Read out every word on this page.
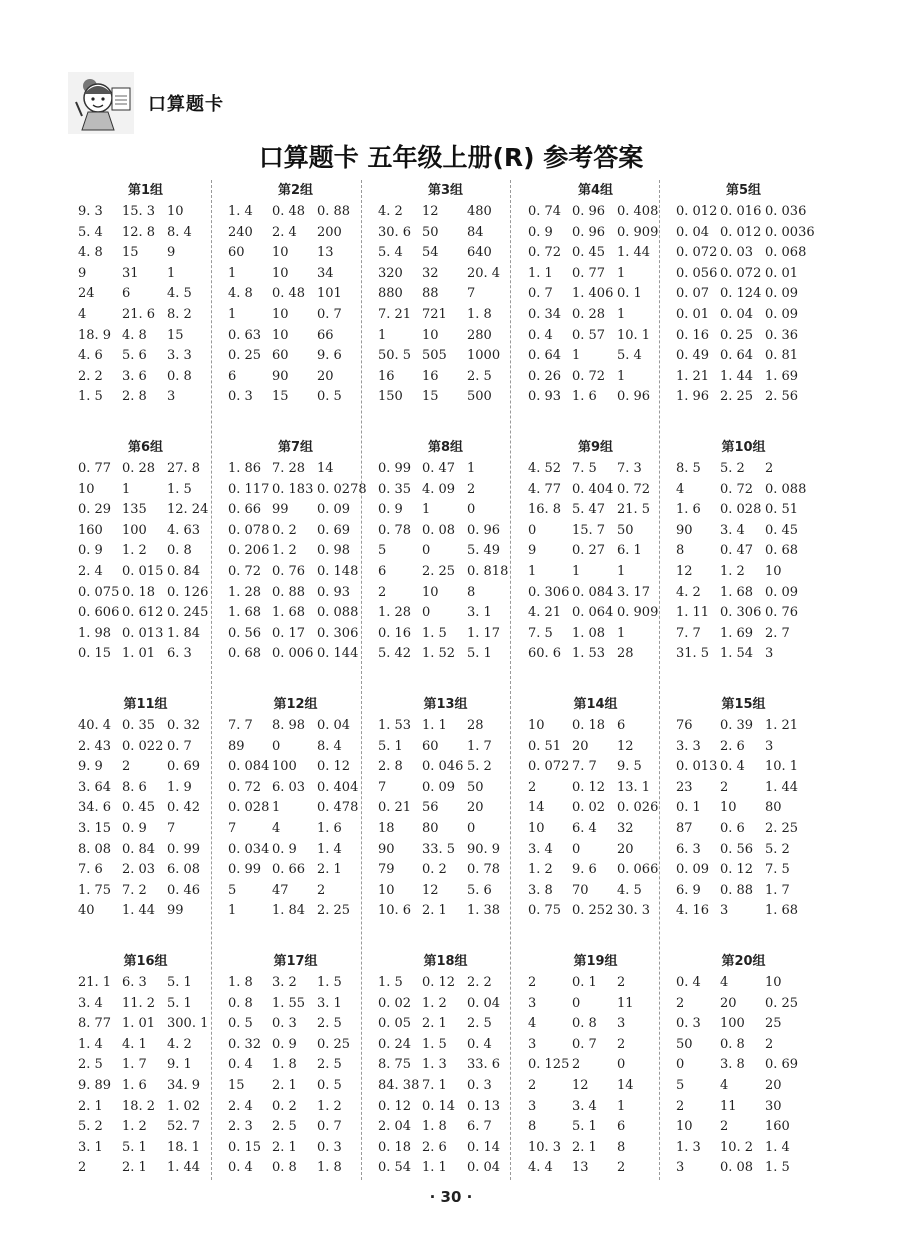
口算题卡
口算题卡 五年级上册(R) 参考答案
第1组
9. 3	15. 3 10
5. 4	12. 8 8. 4
4. 8	15	9
9	31	1
24	6	4. 5
4	21. 6 8. 2
18. 9 4. 8	15
4. 6	5. 6	3. 3
2. 2	3. 6	0. 8
1. 5	2. 8	3
第2组
1. 4	0. 48 0. 88
240	2. 4	200
60	10	13
1	10	34
4. 8	0. 48 101
1	10	0. 7
0. 63 10	66
0. 25 60	9. 6
6	90	20
0. 3	15	0. 5
第3组
4. 2	12	480
30. 6 50	84
5. 4	54	640
320	32	20. 4
880	88	7
7. 21 721	1. 8
1	10	280
50. 5 505	1000
16	16	2. 5
150	15	500
第4组
0. 74 0. 96 0. 408
0. 9	0. 96 0. 909
0. 72 0. 45 1. 44
1. 1	0. 77 1
0. 7	1. 406 0. 1
0. 34 0. 28 1
0. 4	0. 57 10. 1
0. 64 1	5. 4
0. 26 0. 72 1
0. 93 1. 6	0. 96
第5组
0. 012 0. 016 0. 036
0. 04 0. 012 0. 0036
0. 072 0. 03 0. 068
0. 056 0. 072 0. 01
0. 07 0. 124 0. 09
0. 01 0. 04 0. 09
0. 16 0. 25 0. 36
0. 49 0. 64 0. 81
1. 21 1. 44 1. 69
1. 96 2. 25 2. 56
第6组
0. 77 0. 28 27. 8
10	1	1. 5
0. 29 135	12. 24
160	100	4. 63
0. 9	1. 2	0. 8
2. 4	0. 015 0. 84
0. 075 0. 18 0. 126
0. 606 0. 612 0. 245
1. 98 0. 013 1. 84
0. 15 1. 01 6. 3
第7组
1. 86 7. 28 14
0. 117 0. 183 0. 0278
0. 66 99	0. 09
0. 078 0. 2	0. 69
0. 206 1. 2	0. 98
0. 72 0. 76 0. 148
1. 28 0. 88 0. 93
1. 68 1. 68 0. 088
0. 56 0. 17 0. 306
0. 68 0. 006 0. 144
第8组
0. 99 0. 47 1
0. 35 4. 09 2
0. 9	1	0
0. 78 0. 08 0. 96
5	0	5. 49
6	2. 25 0. 818
2	10	8
1. 28 0	3. 1
0. 16 1. 5	1. 17
5. 42 1. 52 5. 1
第9组
4. 52 7. 5	7. 3
4. 77 0. 404 0. 72
16. 8 5. 47 21. 5
0	15. 7 50
9	0. 27 6. 1
1	1	1
0. 306 0. 084 3. 17
4. 21 0. 064 0. 909
7. 5	1. 08 1
60. 6 1. 53 28
第10组
8. 5	5. 2	2
4	0. 72 0. 088
1. 6	0. 028 0. 51
90	3. 4	0. 45
8	0. 47 0. 68
12	1. 2	10
4. 2	1. 68 0. 09
1. 11 0. 306 0. 76
7. 7	1. 69 2. 7
31. 5 1. 54 3
第11组
40. 4 0. 35 0. 32
2. 43 0. 022 0. 7
9. 9	2	0. 69
3. 64 8. 6	1. 9
34. 6 0. 45 0. 42
3. 15 0. 9	7
8. 08 0. 84 0. 99
7. 6	2. 03 6. 08
1. 75 7. 2	0. 46
40	1. 44 99
第12组
7. 7	8. 98 0. 04
89	0	8. 4
0. 084 100	0. 12
0. 72 6. 03 0. 404
0. 028 1	0. 478
7	4	1. 6
0. 034 0. 9	1. 4
0. 99 0. 66 2. 1
5	47	2
1	1. 84 2. 25
第13组
1. 53 1. 1	28
5. 1	60	1. 7
2. 8	0. 046 5. 2
7	0. 09 50
0. 21 56	20
18	80	0
90	33. 5 90. 9
79	0. 2	0. 78
10	12	5. 6
10. 6 2. 1	1. 38
第14组
10	0. 18 6
0. 51 20	12
0. 072 7. 7	9. 5
2	0. 12 13. 1
14	0. 02 0. 026
10	6. 4	32
3. 4	0	20
1. 2	9. 6	0. 066
3. 8	70	4. 5
0. 75 0. 252 30. 3
第15组
76	0. 39 1. 21
3. 3	2. 6	3
0. 013 0. 4	10. 1
23	2	1. 44
0. 1	10	80
87	0. 6	2. 25
6. 3	0. 56 5. 2
0. 09 0. 12 7. 5
6. 9	0. 88 1. 7
4. 16 3	1. 68
第16组
21. 1 6. 3	5. 1
3. 4	11. 2 5. 1
8. 77 1. 01 300. 1
1. 4	4. 1	4. 2
2. 5	1. 7	9. 1
9. 89 1. 6	34. 9
2. 1	18. 2 1. 02
5. 2	1. 2	52. 7
3. 1	5. 1	18. 1
2	2. 1	1. 44
第17组
1. 8	3. 2	1. 5
0. 8	1. 55 3. 1
0. 5	0. 3	2. 5
0. 32 0. 9	0. 25
0. 4	1. 8	2. 5
15	2. 1	0. 5
2. 4	0. 2	1. 2
2. 3	2. 5	0. 7
0. 15 2. 1	0. 3
0. 4	0. 8	1. 8
第18组
1. 5	0. 12 2. 2
0. 02 1. 2	0. 04
0. 05 2. 1	2. 5
0. 24 1. 5	0. 4
8. 75 1. 3	33. 6
84. 38 7. 1	0. 3
0. 12 0. 14 0. 13
2. 04 1. 8	6. 7
0. 18 2. 6	0. 14
0. 54 1. 1	0. 04
第19组
2	0. 1	2
3	0	11
4	0. 8	3
3	0. 7	2
0. 125 2	0
2	12	14
3	3. 4	1
8	5. 1	6
10. 3 2. 1	8
4. 4	13	2
第20组
0. 4	4	10
2	20	0. 25
0. 3	100	25
50	0. 8	2
0	3. 8	0. 69
5	4	20
2	11	30
10	2	160
1. 3	10. 2 1. 4
3	0. 08 1. 5
· 30 ·
